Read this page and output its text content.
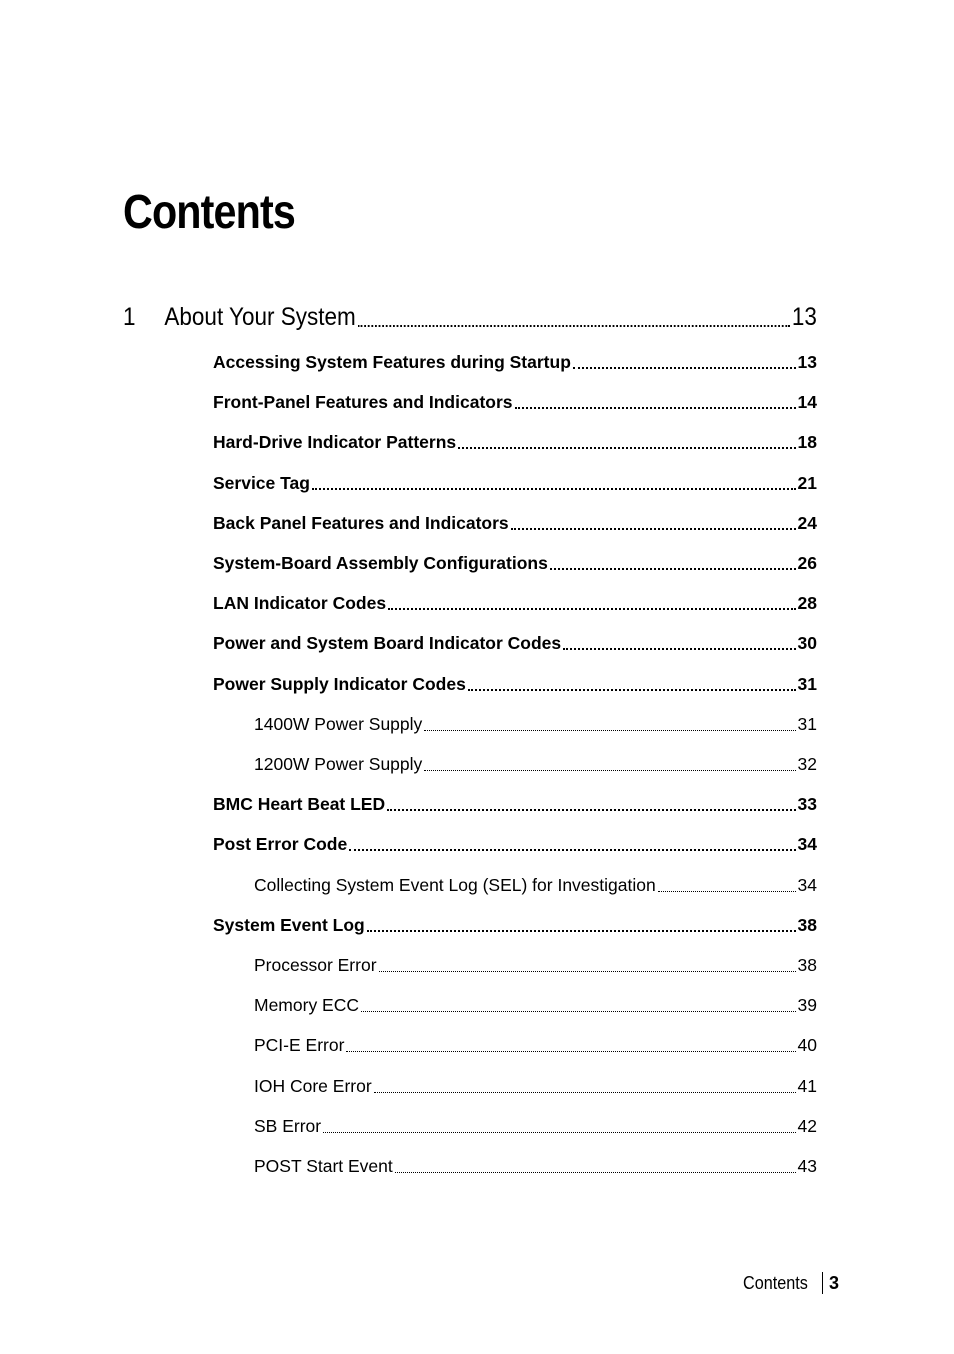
Contents
1	About Your System	13
Accessing System Features during Startup	13
Front-Panel Features and Indicators	14
Hard-Drive Indicator Patterns	18
Service Tag	21
Back Panel Features and Indicators	24
System-Board Assembly Configurations	26
LAN Indicator Codes	28
Power and System Board Indicator Codes	30
Power Supply Indicator Codes	31
1400W Power Supply	31
1200W Power Supply	32
BMC Heart Beat LED	33
Post Error Code	34
Collecting System Event Log (SEL) for Investigation	34
System Event Log	38
Processor Error	38
Memory ECC	39
PCI-E Error	40
IOH Core Error	41
SB Error	42
POST Start Event	43
Contents 3
